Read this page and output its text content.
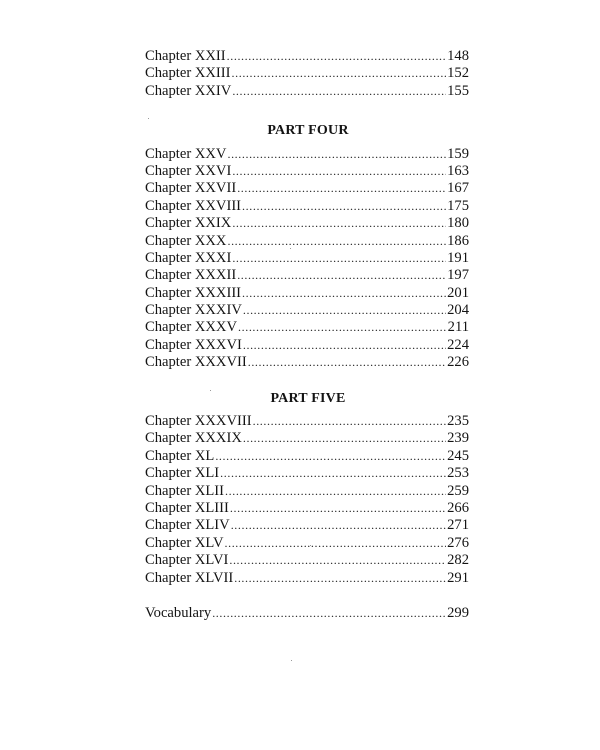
Chapter XXII .....	148
Chapter XXIII .....	152
Chapter XXIV .....	155
PART FOUR
Chapter XXV .....	159
Chapter XXVI .....	163
Chapter XXVII .....	167
Chapter XXVIII .....	175
Chapter XXIX .....	180
Chapter XXX .....	186
Chapter XXXI .....	191
Chapter XXXII .....	197
Chapter XXXIII .....	201
Chapter XXXIV .....	204
Chapter XXXV .....	211
Chapter XXXVI .....	224
Chapter XXXVII .....	226
PART FIVE
Chapter XXXVIII .....	235
Chapter XXXIX .....	239
Chapter XL .....	245
Chapter XLI .....	253
Chapter XLII .....	259
Chapter XLIII .....	266
Chapter XLIV .....	271
Chapter XLV .....	276
Chapter XLVI .....	282
Chapter XLVII .....	291
Vocabulary .....	299
